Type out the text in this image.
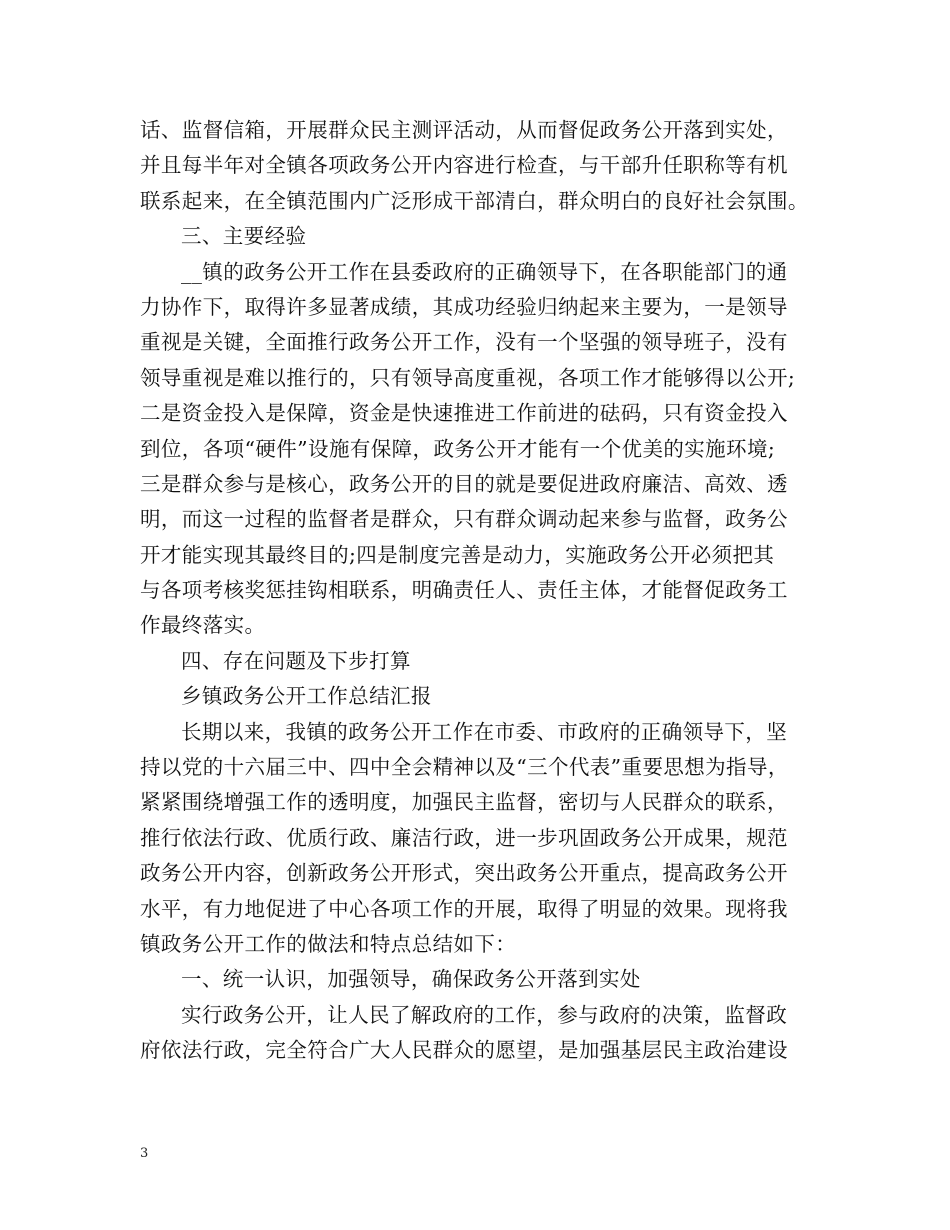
话、监督信箱，开展群众民主测评活动，从而督促政务公开落到实处，
并且每半年对全镇各项政务公开内容进行检查，与干部升任职称等有机
联系起来，在全镇范围内广泛形成干部清白，群众明白的良好社会氛围。
三、主要经验
__镇的政务公开工作在县委政府的正确领导下，在各职能部门的通
力协作下，取得许多显著成绩，其成功经验归纳起来主要为，一是领导
重视是关键，全面推行政务公开工作，没有一个坚强的领导班子，没有
领导重视是难以推行的，只有领导高度重视，各项工作才能够得以公开;
二是资金投入是保障，资金是快速推进工作前进的砝码，只有资金投入
到位，各项“硬件”设施有保障，政务公开才能有一个优美的实施环境;
三是群众参与是核心，政务公开的目的就是要促进政府廉洁、高效、透
明，而这一过程的监督者是群众，只有群众调动起来参与监督，政务公
开才能实现其最终目的;四是制度完善是动力，实施政务公开必须把其
与各项考核奖惩挂钩相联系，明确责任人、责任主体，才能督促政务工
作最终落实。
四、存在问题及下步打算
乡镇政务公开工作总结汇报
长期以来，我镇的政务公开工作在市委、市政府的正确领导下，坚
持以党的十六届三中、四中全会精神以及“三个代表”重要思想为指导，
紧紧围绕增强工作的透明度，加强民主监督，密切与人民群众的联系，
推行依法行政、优质行政、廉洁行政，进一步巩固政务公开成果，规范
政务公开内容，创新政务公开形式，突出政务公开重点，提高政务公开
水平，有力地促进了中心各项工作的开展，取得了明显的效果。现将我
镇政务公开工作的做法和特点总结如下：
一、统一认识，加强领导，确保政务公开落到实处
实行政务公开，让人民了解政府的工作，参与政府的决策，监督政
府依法行政，完全符合广大人民群众的愿望，是加强基层民主政治建设
3
